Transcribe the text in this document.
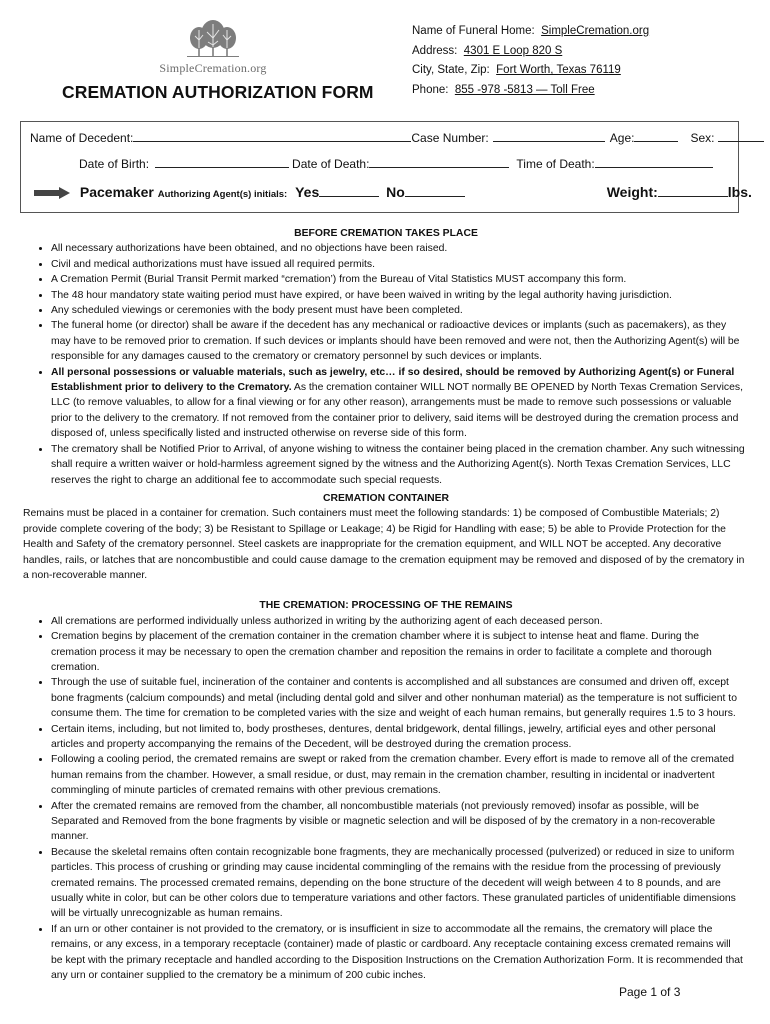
SimpleCremation.org
CREMATION AUTHORIZATION FORM
Name of Funeral Home: SimpleCremation.org
Address: 4301 E Loop 820 S
City, State, Zip: Fort Worth, Texas 76119
Phone: 855 -978 -5813 — Toll Free
Name of Decedent:	Case Number:	Age:	Sex:
Date of Birth:	Date of Death:	Time of Death:
Pacemaker Authorizing Agent(s) initials: Yes	No	Weight:	lbs.

BEFORE CREMATION TAKES PLACE

• All necessary authorizations have been obtained, and no objections have been raised.
• Civil and medical authorizations must have issued all required permits.
• A Cremation Permit (Burial Transit Permit marked “cremation’) from the Bureau of Vital Statistics MUST accompany this form.
• The 48 hour mandatory state waiting period must have expired, or have been waived in writing by the legal authority having jurisdiction.
• Any scheduled viewings or ceremonies with the body present must have been completed.
• The funeral home (or director) shall be aware if the decedent has any mechanical or radioactive devices or implants (such as pacemakers), as they may have to be removed prior to cremation. If such devices or implants should have been removed and were not, then the Authorizing Agent(s) will be responsible for any damages caused to the crematory or crematory personnel by such devices or implants.
• All personal possessions or valuable materials, such as jewelry, etc… if so desired, should be removed by Authorizing Agent(s) or Funeral Establishment prior to delivery to the Crematory. As the cremation container WILL NOT normally BE OPENED by North Texas Cremation Services, LLC (to remove valuables, to allow for a final viewing or for any other reason), arrangements must be made to remove such possessions or valuable prior to the delivery to the crematory. If not removed from the container prior to delivery, said items will be destroyed during the cremation process and disposed of, unless specifically listed and instructed otherwise on reverse side of this form.
• The crematory shall be Notified Prior to Arrival, of anyone wishing to witness the container being placed in the cremation chamber. Any such witnessing shall require a written waiver or hold-harmless agreement signed by the witness and the Authorizing Agent(s). North Texas Cremation Services, LLC reserves the right to charge an additional fee to accommodate such special requests.

CREMATION CONTAINER

Remains must be placed in a container for cremation. Such containers must meet the following standards: 1) be composed of Combustible Materials; 2) provide complete covering of the body; 3) be Resistant to Spillage or Leakage; 4) be Rigid for Handling with ease; 5) be able to Provide Protection for the Health and Safety of the crematory personnel. Steel caskets are inappropriate for the cremation equipment, and WILL NOT be accepted. Any decorative handles, rails, or latches that are noncombustible and could cause damage to the cremation equipment may be removed and disposed of by the crematory in a non-recoverable manner.

THE CREMATION: PROCESSING OF THE REMAINS

• All cremations are performed individually unless authorized in writing by the authorizing agent of each deceased person.
• Cremation begins by placement of the cremation container in the cremation chamber where it is subject to intense heat and flame. During the cremation process it may be necessary to open the cremation chamber and reposition the remains in order to facilitate a complete and thorough cremation.
• Through the use of suitable fuel, incineration of the container and contents is accomplished and all substances are consumed and driven off, except bone fragments (calcium compounds) and metal (including dental gold and silver and other nonhuman material) as the temperature is not sufficient to consume them. The time for cremation to be completed varies with the size and weight of each human remains, but generally requires 1.5 to 3 hours.
• Certain items, including, but not limited to, body prostheses, dentures, dental bridgework, dental fillings, jewelry, artificial eyes and other personal articles and property accompanying the remains of the Decedent, will be destroyed during the cremation process.
• Following a cooling period, the cremated remains are swept or raked from the cremation chamber. Every effort is made to remove all of the cremated human remains from the chamber. However, a small residue, or dust, may remain in the cremation chamber, resulting in incidental or inadvertent commingling of minute particles of cremated remains with other previous cremations.
• After the cremated remains are removed from the chamber, all noncombustible materials (not previously removed) insofar as possible, will be Separated and Removed from the bone fragments by visible or magnetic selection and will be disposed of by the crematory in a non-recoverable manner.
• Because the skeletal remains often contain recognizable bone fragments, they are mechanically processed (pulverized) or reduced in size to uniform particles. This process of crushing or grinding may cause incidental commingling of the remains with the residue from the processing of previously cremated remains. The processed cremated remains, depending on the bone structure of the decedent will weigh between 4 to 8 pounds, and are usually white in color, but can be other colors due to temperature variations and other factors. These granulated particles of unidentifiable dimensions will be virtually unrecognizable as human remains.
• If an urn or other container is not provided to the crematory, or is insufficient in size to accommodate all the remains, the crematory will place the remains, or any excess, in a temporary receptacle (container) made of plastic or cardboard. Any receptacle containing excess cremated remains will be kept with the primary receptacle and handled according to the Disposition Instructions on the Cremation Authorization Form. It is recommended that any urn or container supplied to the crematory be a minimum of 200 cubic inches.
Page 1 of 3
